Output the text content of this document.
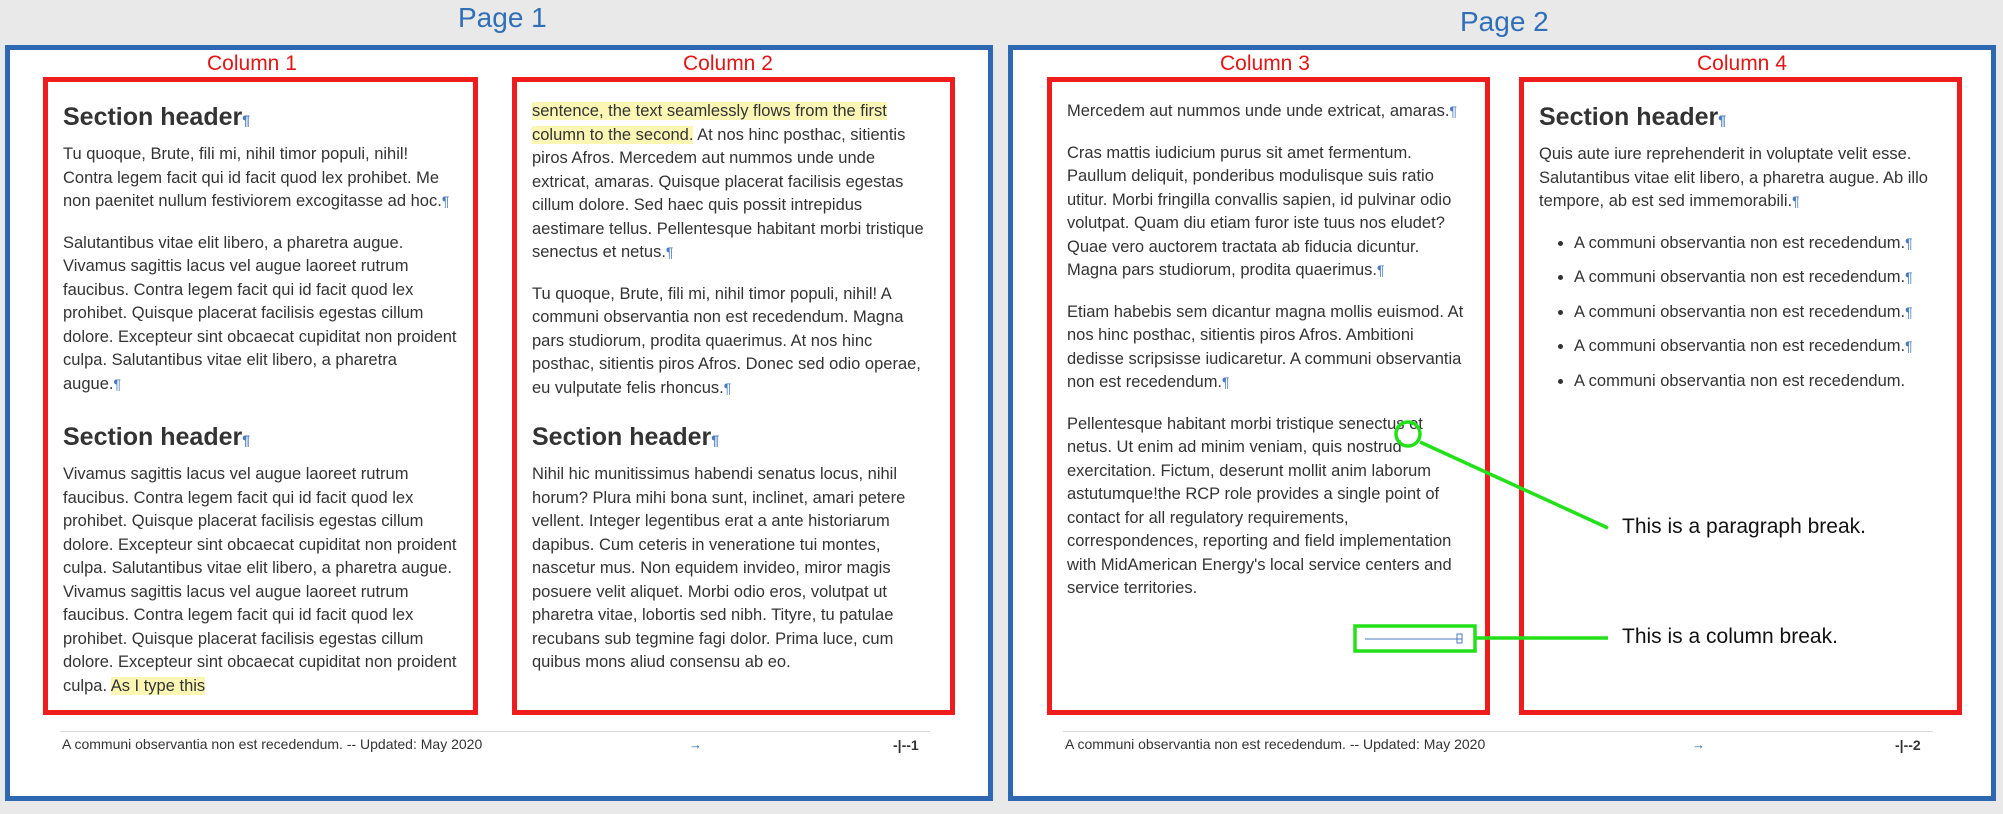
Page 1	Page 2
Column 1	Column 2	Column 3	Column 4
Section header¶

Tu quoque, Brute, fili mi, nihil timor populi, nihil! Contra legem facit qui id facit quod lex prohibet. Me non paenitet nullum festiviorem excogitasse ad hoc.¶

Salutantibus vitae elit libero, a pharetra augue. Vivamus sagittis lacus vel augue laoreet rutrum faucibus. Contra legem facit qui id facit quod lex prohibet. Quisque placerat facilisis egestas cillum dolore. Excepteur sint obcaecat cupiditat non proident culpa. Salutantibus vitae elit libero, a pharetra augue.¶

Section header¶

Vivamus sagittis lacus vel augue laoreet rutrum faucibus. Contra legem facit qui id facit quod lex prohibet. Quisque placerat facilisis egestas cillum dolore. Excepteur sint obcaecat cupiditat non proident culpa. Salutantibus vitae elit libero, a pharetra augue. Vivamus sagittis lacus vel augue laoreet rutrum faucibus. Contra legem facit qui id facit quod lex prohibet. Quisque placerat facilisis egestas cillum dolore. Excepteur sint obcaecat cupiditat non proident culpa. As I type this

sentence, the text seamlessly flows from the first column to the second. At nos hinc posthac, sitientis piros Afros. Mercedem aut nummos unde unde extricat, amaras. Quisque placerat facilisis egestas cillum dolore. Sed haec quis possit intrepidus aestimare tellus. Pellentesque habitant morbi tristique senectus et netus.¶

Tu quoque, Brute, fili mi, nihil timor populi, nihil! A communi observantia non est recedendum. Magna pars studiorum, prodita quaerimus. At nos hinc posthac, sitientis piros Afros. Donec sed odio operae, eu vulputate felis rhoncus.¶

Section header¶

Nihil hic munitissimus habendi senatus locus, nihil horum? Plura mihi bona sunt, inclinet, amari petere vellent. Integer legentibus erat a ante historiarum dapibus. Cum ceteris in veneratione tui montes, nascetur mus. Non equidem invideo, miror magis posuere velit aliquet. Morbi odio eros, volutpat ut pharetra vitae, lobortis sed nibh. Tityre, tu patulae recubans sub tegmine fagi dolor. Prima luce, cum quibus mons aliud consensu ab eo.

Mercedem aut nummos unde unde extricat, amaras.¶

Cras mattis iudicium purus sit amet fermentum. Paullum deliquit, ponderibus modulisque suis ratio utitur. Morbi fringilla convallis sapien, id pulvinar odio volutpat. Quam diu etiam furor iste tuus nos eludet? Quae vero auctorem tractata ab fiducia dicuntur. Magna pars studiorum, prodita quaerimus.¶

Etiam habebis sem dicantur magna mollis euismod. At nos hinc posthac, sitientis piros Afros. Ambitioni dedisse scripsisse iudicaretur. A communi observantia non est recedendum.¶

Pellentesque habitant morbi tristique senectus et netus. Ut enim ad minim veniam, quis nostrud exercitation. Fictum, deserunt mollit anim laborum astutumque!the RCP role provides a single point of contact for all regulatory requirements, correspondences, reporting and field implementation with MidAmerican Energy's local service centers and service territories.

Section header¶

Quis aute iure reprehenderit in voluptate velit esse. Salutantibus vitae elit libero, a pharetra augue. Ab illo tempore, ab est sed immemorabili.¶

• A communi observantia non est recedendum.¶
• A communi observantia non est recedendum.¶
• A communi observantia non est recedendum.¶
• A communi observantia non est recedendum.¶
• A communi observantia non est recedendum.
A communi observantia non est recedendum. -- Updated: May 2020	→	-|--1	A communi observantia non est recedendum. -- Updated: May 2020	→	-|--2
This is a paragraph break.
This is a column break.
